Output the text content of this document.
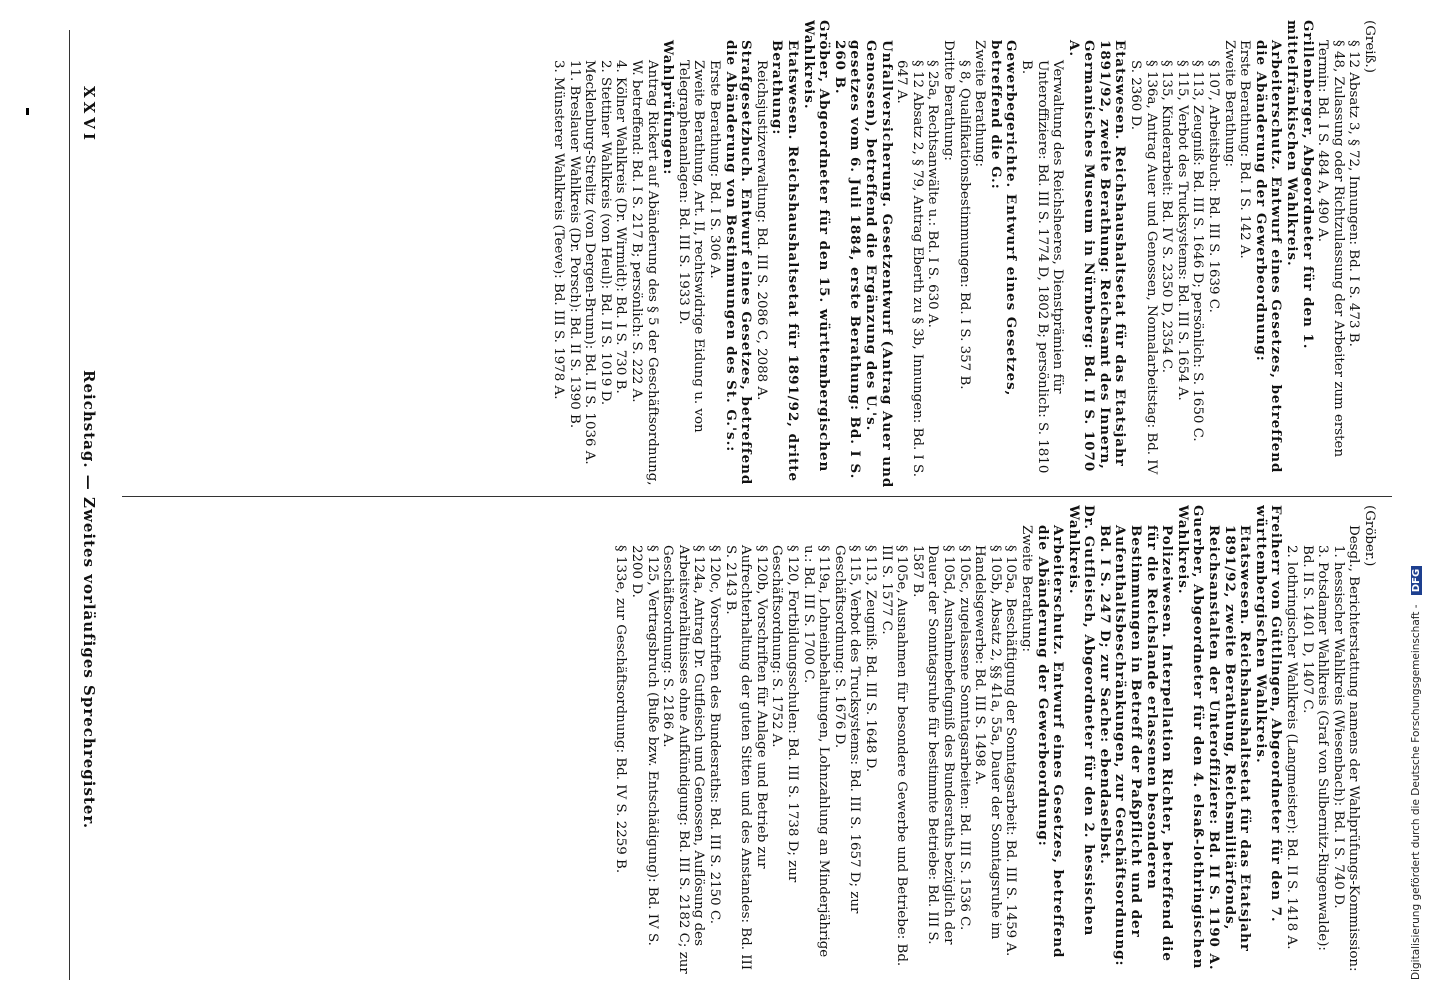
XXVI
Reichstag. — Zweites vorläufiges Sprechregister.

(Greiß.)

§ 12 Absatz 3, § 72, Innungen: Bd. I S. 473 B.

§ 48, Zulassung oder Richtzulassung der Arbeiter zum ersten Termin: Bd. I S. 484 A, 490 A.

Grillenberger, Abgeordneter für den 1. mittelfränkischen Wahlkreis.

Arbeiterschutz. Entwurf eines Gesetzes, betreffend die Abänderung der Gewerbeordnung:

Erste Berathung: Bd. I S. 142 A.

Zweite Berathung:

§ 107, Arbeitsbuch: Bd. III S. 1639 C.

§ 113, Zeugniß: Bd. III S. 1646 D; persönlich: S. 1650 C.

§ 115, Verbot des Trucksystems: Bd. III S. 1654 A.

§ 135, Kinderarbeit: Bd. IV S. 2350 D, 2354 C.

§ 136a, Antrag Auer und Genossen, Nonnalarbeitstag: Bd. IV S. 2360 D.

Etatswesen. Reichshaushaltsetat für das Etatsjahr 1891/92, zweite Berathung: Reichsamt des Innern, Germanisches Museum in Nürnberg: Bd. II S. 1070 A.

Verwaltung des Reichsheeres, Dienstprämien für Unteroffiziere: Bd. III S. 1774 D, 1802 B; persönlich: S. 1810 B.

Gewerbegerichte. Entwurf eines Gesetzes, betreffend die G.:

Zweite Berathung:

§ 8, Qualifikationsbestimmungen: Bd. I S. 357 B.

Dritte Berathung:

§ 25a, Rechtsanwälte u.: Bd. I S. 630 A.

§ 12 Absatz 2, § 79, Antrag Eberth zu § 3b, Innungen: Bd. I S. 647 A.

Unfallversicherung. Gesetzentwurf (Antrag Auer und Genossen), betreffend die Ergänzung des U.'s. gesetzes vom 6. Juli 1884, erste Berathung: Bd. I S. 260 B.

Gröber, Abgeordneter für den 15. württembergischen Wahlkreis.

Etatswesen. Reichshaushaltsetat für 1891/92, dritte Berathung:

Reichsjustizverwaltung: Bd. III S. 2086 C, 2088 A.

Strafgesetzbuch. Entwurf eines Gesetzes, betreffend die Abänderung von Bestimmungen des St. G.'s.:

Erste Berathung: Bd. I S. 306 A.

Zweite Berathung, Art. II, rechtswidrige Eidung u. von Telegraphenanlagen: Bd. III S. 1933 D.

Wahlprüfungen:

Antrag Rickert auf Abänderung des § 5 der Geschäftsordnung, W. betreffend: Bd. I S. 217 B; persönlich: S. 222 A.

4. Kölner Wahlkreis (Dr. Wirmidt): Bd. I S. 730 B.

2. Stettiner Wahlkreis (von Heul): Bd. II S. 1019 D.

Mecklenburg-Strelitz (von Dergen-Brunn): Bd. II S. 1036 A.

11. Breslauer Wahlkreis (Dr. Porsch): Bd. II S. 1390 B.

3. Münsterer Wahlkreis (Teeve): Bd. III S. 1978 A.

(Gröber.)

Desgl., Berichterstattung namens der Wahlprüfungs-Kommission:

1. hessischer Wahlkreis (Wiesenbach): Bd. I S. 740 D.

3. Potsdamer Wahlkreis (Graf von Sulbernitz-Ringenwalde): Bd. II S. 1401 D, 1407 C.

2. lothringischer Wahlkreis (Langmeister): Bd. II S. 1418 A.

Freiherr von Güttlingen, Abgeordneter für den 7. württembergischen Wahlkreis.

Etatswesen. Reichshaushaltsetat für das Etatsjahr 1891/92, zweite Berathung, Reichsmilitärfonds, Reichsanstalten der Unteroffiziere: Bd. II S. 1190 A.

Guerber, Abgeordneter für den 4. elsaß-lothringischen Wahlkreis.

Polizeiwesen. Interpellation Richter, betreffend die für die Reichslande erlassenen besonderen Bestimmungen in Betreff der Paßpflicht und der Aufenthaltsbeschränkungen, zur Geschäftsordnung: Bd. I S. 247 D; zur Sache: ebendaselbst.

Dr. Gutfleisch, Abgeordneter für den 2. hessischen Wahlkreis.

Arbeiterschutz. Entwurf eines Gesetzes, betreffend die Abänderung der Gewerbeordnung:

Zweite Berathung:

§ 105a, Beschäftigung der Sonntagsarbeit: Bd. III S. 1459 A.

§ 105b, Absatz 2, §§ 41a, 55a, Dauer der Sonntagsruhe im Handelsgewerbe: Bd. III S. 1498 A.

§ 105c, zugelassene Sonntagsarbeiten: Bd. III S. 1536 C.

§ 105d, Ausnahmebefugniß des Bundesraths bezüglich der Dauer der Sonntagsruhe für bestimmte Betriebe: Bd. III S. 1587 B.

§ 105e, Ausnahmen für besondere Gewerbe und Betriebe: Bd. III S. 1577 C.

§ 113, Zeugniß: Bd. III S. 1648 D.

§ 115, Verbot des Trucksystems: Bd. III S. 1657 D; zur Geschäftsordnung: S. 1676 D.

§ 119a, Lohneinbehaltungen, Lohnzahlung an Minderjährige u.: Bd. III S. 1700 C.

§ 120, Fortbildungsschulen: Bd. III S. 1738 D; zur Geschäftsordnung: S. 1752 A.

§ 120b, Vorschriften für Anlage und Betrieb zur Aufrechterhaltung der guten Sitten und des Anstandes: Bd. III S. 2143 B.

§ 120c, Vorschriften des Bundesraths: Bd. III S. 2150 C.

§ 124a, Antrag Dr. Gutfleisch und Genossen, Auflösung des Arbeitsverhältnisses ohne Aufkündigung: Bd. III S. 2182 C; zur Geschäftsordnung: S. 2186 A.

§ 125, Vertragsbruch (Buße bzw. Entschädigung): Bd. IV S. 2200 D.

§ 133e, zur Geschäftsordnung: Bd. IV S. 2259 B.	Digitalisierung gefördert durch die Deutsche Forschungsgemeinschaft - DFG
